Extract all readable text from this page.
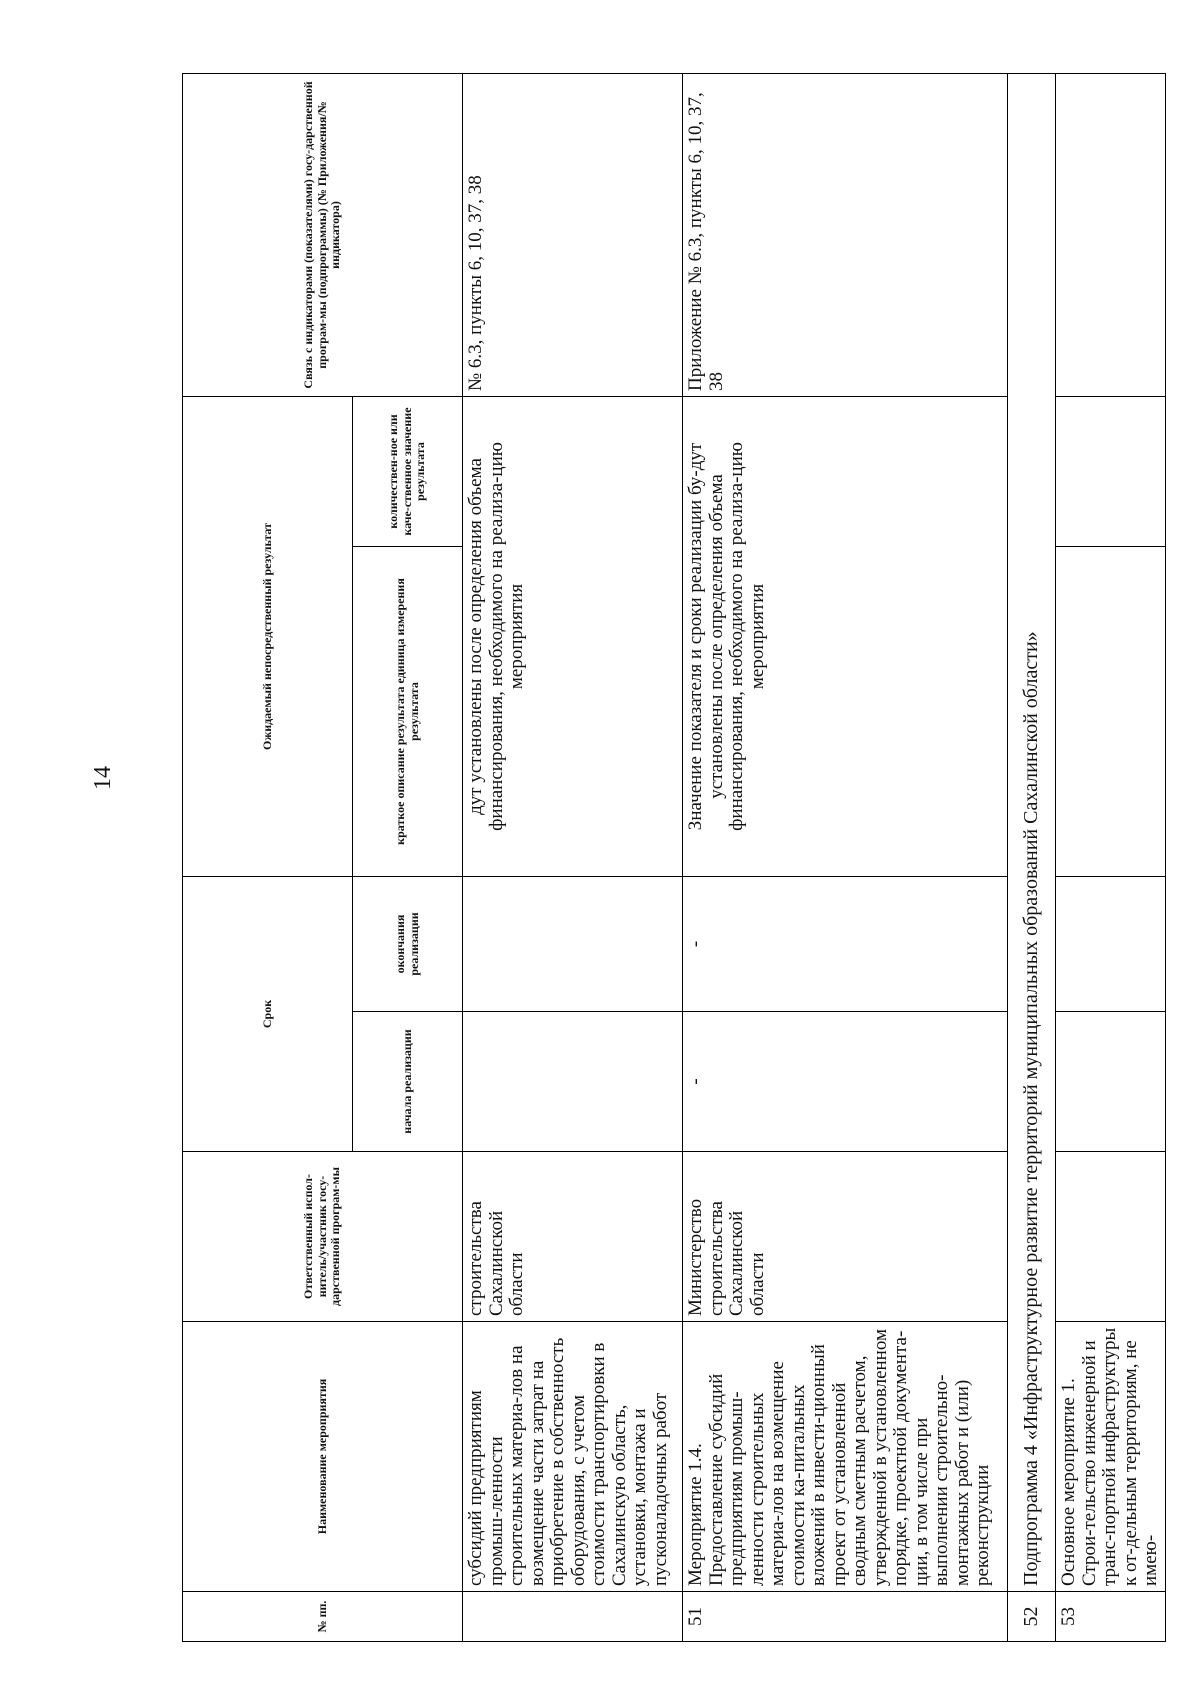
14
№ пп.	Наименование мероприятия	Ответственный испол-нитель/участник госу-дарственной програм-мы	Срок		Ожидаемый непосредственный результат		Связь с индикаторами (показателями) госу-дарственной програм-мы (подпрограммы) (№ Приложения/№ индикатора)
			начала реализации	окончания реализации	краткое описание результата единица измерения результата	количествен-ное или каче-ственное значение результата	
	субсидий предприятиям промыш-ленности строительных материа-лов на возмещение части затрат на приобретение в собственность оборудования, с учетом стоимости транспортировки в Сахалинскую область, установки, монтажа и пусконаладочных работ	строительства Сахалинской области			дут установлены после определения объема финансирования, необходимого на реализа-цию мероприятия		№ 6.3, пункты 6, 10, 37, 38
51	Мероприятие 1.4. Предоставление субсидий предприятиям промыш-ленности строительных материа-лов на возмещение стоимости ка-питальных вложений в инвести-ционный проект от установленной сводным сметным расчетом, утвержденной в установленном порядке, проектной документа-ции, в том числе при выполнении строительно-монтажных работ и (или) реконструкции	Министерство строительства Сахалинской области	-	-	Значение показателя и сроки реализации бу-дут установлены после определения объема финансирования, необходимого на реализа-цию мероприятия		Приложение № 6.3, пункты 6, 10, 37, 38
52	Подпрограмма 4 «Инфраструктурное развитие территорий муниципальных образований Сахалинской области»						
53	Основное мероприятие 1. Строи-тельство инженерной и транс-портной инфраструктуры к от-дельным территориям, не имею-						
